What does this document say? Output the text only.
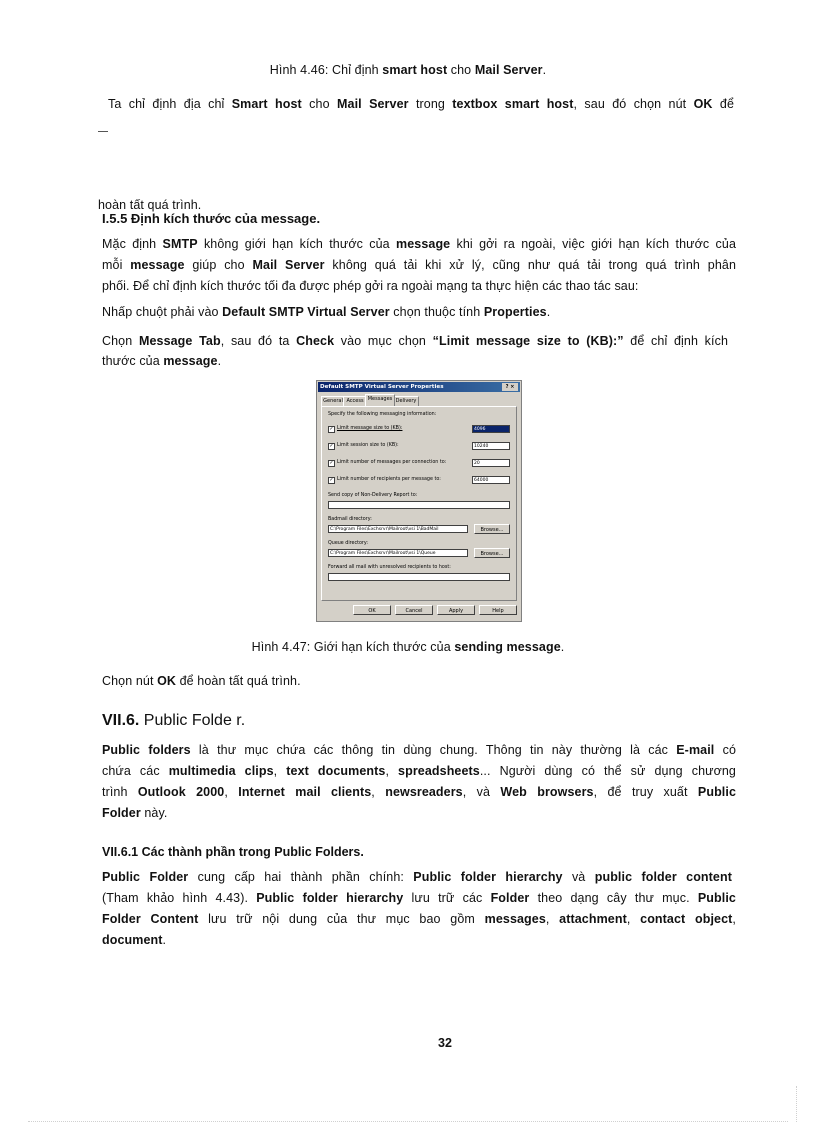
Hình 4.46: Chỉ định smart host cho Mail Server.
Ta chỉ định địa chỉ Smart host cho Mail Server trong textbox smart host, sau đó chọn nút OK để
hoàn tất quá trình.
I.5.5 Định kích thước của message.
Mặc định SMTP không giới hạn kích thước của message khi gởi ra ngoài, việc giới hạn kích thước của
mỗi message giúp cho Mail Server không quá tải khi xử lý, cũng như quá tải trong quá trình phân
phối. Để chỉ định kích thước tối đa được phép gởi ra ngoài mạng ta thực hiện các thao tác sau:
Nhấp chuột phải vào Default SMTP Virtual Server chọn thuộc tính Properties.
Chọn Message Tab, sau đó ta Check vào mục chọn “Limit message size to (KB):” để chỉ định kích
thước của message.
Default SMTP Virtual Server Properties	? ×
General Access Messages Delivery
Specify the following messaging information:
✓ Limit message size to (KB):	4096
✓ Limit session size to (KB):	10240
✓ Limit number of messages per connection to:	20
✓ Limit number of recipients per message to:	64000
Send copy of Non-Delivery Report to:
Badmail directory:
C:\Program Files\Exchsrvr\Mailroot\vsi 1\BadMail	Browse...
Queue directory:
C:\Program Files\Exchsrvr\Mailroot\vsi 1\Queue	Browse...
Forward all mail with unresolved recipients to host:
OK	Cancel	Apply	Help
Hình 4.47: Giới hạn kích thước của sending message.
Chọn nút OK để hoàn tất quá trình.
VII.6. Public Folde r.
Public folders là thư mục chứa các thông tin dùng chung. Thông tin này thường là các E-mail có
chứa các multimedia clips, text documents, spreadsheets... Người dùng có thể sử dụng chương
trình Outlook 2000, Internet mail clients, newsreaders, và Web browsers, để truy xuất Public
Folder này.
VII.6.1 Các thành phần trong Public Folders.
Public Folder cung cấp hai thành phần chính: Public folder hierarchy và public folder content
(Tham khảo hình 4.43). Public folder hierarchy lưu trữ các Folder theo dạng cây thư mục. Public
Folder Content lưu trữ nội dung của thư mục bao gồm messages, attachment, contact object,
document.
32
